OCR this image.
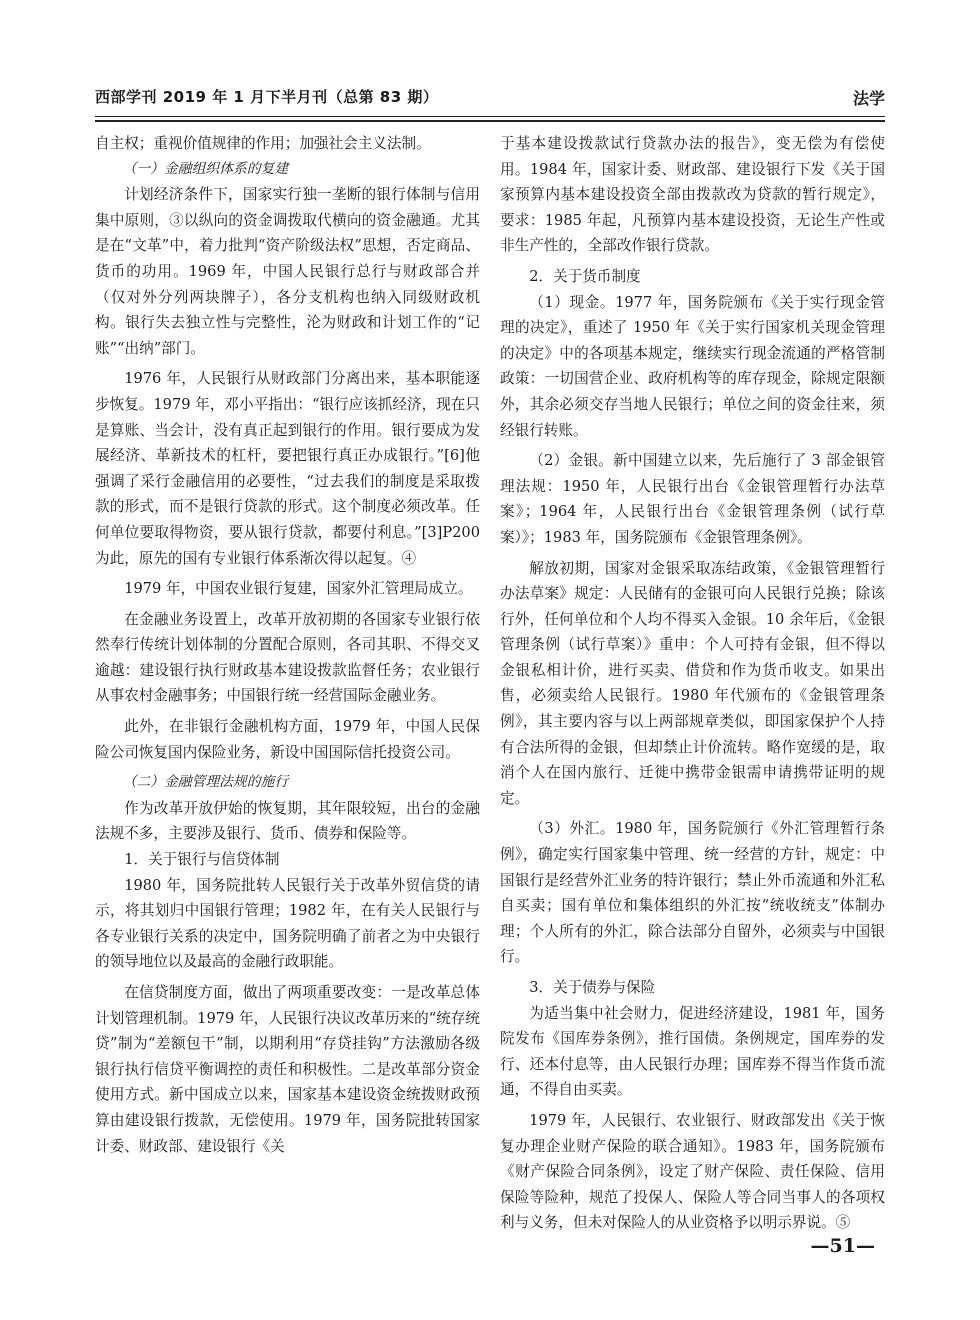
西部学刊 2019 年 1 月下半月刊（总第 83 期）	法学

自主权；重视价值规律的作用；加强社会主义法制。

（一）金融组织体系的复建

计划经济条件下，国家实行独一垄断的银行体制与信用集中原则，③以纵向的资金调拨取代横向的资金融通。尤其是在“文革”中，着力批判“资产阶级法权”思想，否定商品、货币的功用。1969 年，中国人民银行总行与财政部合并（仅对外分列两块牌子），各分支机构也纳入同级财政机构。银行失去独立性与完整性，沦为财政和计划工作的“记账”“出纳”部门。

1976 年，人民银行从财政部门分离出来，基本职能逐步恢复。1979 年，邓小平指出：“银行应该抓经济，现在只是算账、当会计，没有真正起到银行的作用。银行要成为发展经济、革新技术的杠杆，要把银行真正办成银行。”[6]他强调了采行金融信用的必要性，“过去我们的制度是采取拨款的形式，而不是银行贷款的形式。这个制度必须改革。任何单位要取得物资，要从银行贷款，都要付利息。”[3]P200 为此，原先的国有专业银行体系渐次得以起复。④

1979 年，中国农业银行复建，国家外汇管理局成立。

在金融业务设置上，改革开放初期的各国家专业银行依然奉行传统计划体制的分置配合原则，各司其职、不得交叉逾越：建设银行执行财政基本建设拨款监督任务；农业银行从事农村金融事务；中国银行统一经营国际金融业务。

此外，在非银行金融机构方面，1979 年，中国人民保险公司恢复国内保险业务，新设中国国际信托投资公司。

（二）金融管理法规的施行

作为改革开放伊始的恢复期，其年限较短，出台的金融法规不多，主要涉及银行、货币、债券和保险等。

1．关于银行与信贷体制

1980 年，国务院批转人民银行关于改革外贸信贷的请示，将其划归中国银行管理；1982 年，在有关人民银行与各专业银行关系的决定中，国务院明确了前者之为中央银行的领导地位以及最高的金融行政职能。

在信贷制度方面，做出了两项重要改变：一是改革总体计划管理机制。1979 年，人民银行决议改革历来的“统存统贷”制为“差额包干”制，以期利用“存贷挂钩”方法激励各级银行执行信贷平衡调控的责任和积极性。二是改革部分资金使用方式。新中国成立以来，国家基本建设资金统拨财政预算由建设银行拨款，无偿使用。1979 年，国务院批转国家计委、财政部、建设银行《关

于基本建设拨款试行贷款办法的报告》，变无偿为有偿使用。1984 年，国家计委、财政部、建设银行下发《关于国家预算内基本建设投资全部由拨款改为贷款的暂行规定》，要求：1985 年起，凡预算内基本建设投资，无论生产性或非生产性的，全部改作银行贷款。

2．关于货币制度

（1）现金。1977 年，国务院颁布《关于实行现金管理的决定》，重述了 1950 年《关于实行国家机关现金管理的决定》中的各项基本规定，继续实行现金流通的严格管制政策：一切国营企业、政府机构等的库存现金，除规定限额外，其余必须交存当地人民银行；单位之间的资金往来，须经银行转账。

（2）金银。新中国建立以来，先后施行了 3 部金银管理法规：1950 年，人民银行出台《金银管理暂行办法草案》；1964 年，人民银行出台《金银管理条例（试行草案）》；1983 年，国务院颁布《金银管理条例》。

解放初期，国家对金银采取冻结政策，《金银管理暂行办法草案》规定：人民储有的金银可向人民银行兑换；除该行外，任何单位和个人均不得买入金银。10 余年后，《金银管理条例（试行草案）》重申：个人可持有金银，但不得以金银私相计价，进行买卖、借贷和作为货币收支。如果出售，必须卖给人民银行。1980 年代颁布的《金银管理条例》，其主要内容与以上两部规章类似，即国家保护个人持有合法所得的金银，但却禁止计价流转。略作宽缓的是，取消个人在国内旅行、迁徙中携带金银需申请携带证明的规定。

（3）外汇。1980 年，国务院颁行《外汇管理暂行条例》，确定实行国家集中管理、统一经营的方针，规定：中国银行是经营外汇业务的特许银行；禁止外币流通和外汇私自买卖；国有单位和集体组织的外汇按“统收统支”体制办理；个人所有的外汇，除合法部分自留外，必须卖与中国银行。

3．关于债券与保险

为适当集中社会财力，促进经济建设，1981 年，国务院发布《国库券条例》，推行国债。条例规定，国库券的发行、还本付息等，由人民银行办理；国库券不得当作货币流通，不得自由买卖。

1979 年，人民银行、农业银行、财政部发出《关于恢复办理企业财产保险的联合通知》。1983 年，国务院颁布《财产保险合同条例》，设定了财产保险、责任保险、信用保险等险种，规范了投保人、保险人等合同当事人的各项权利与义务，但未对保险人的从业资格予以明示界说。⑤

—51—
